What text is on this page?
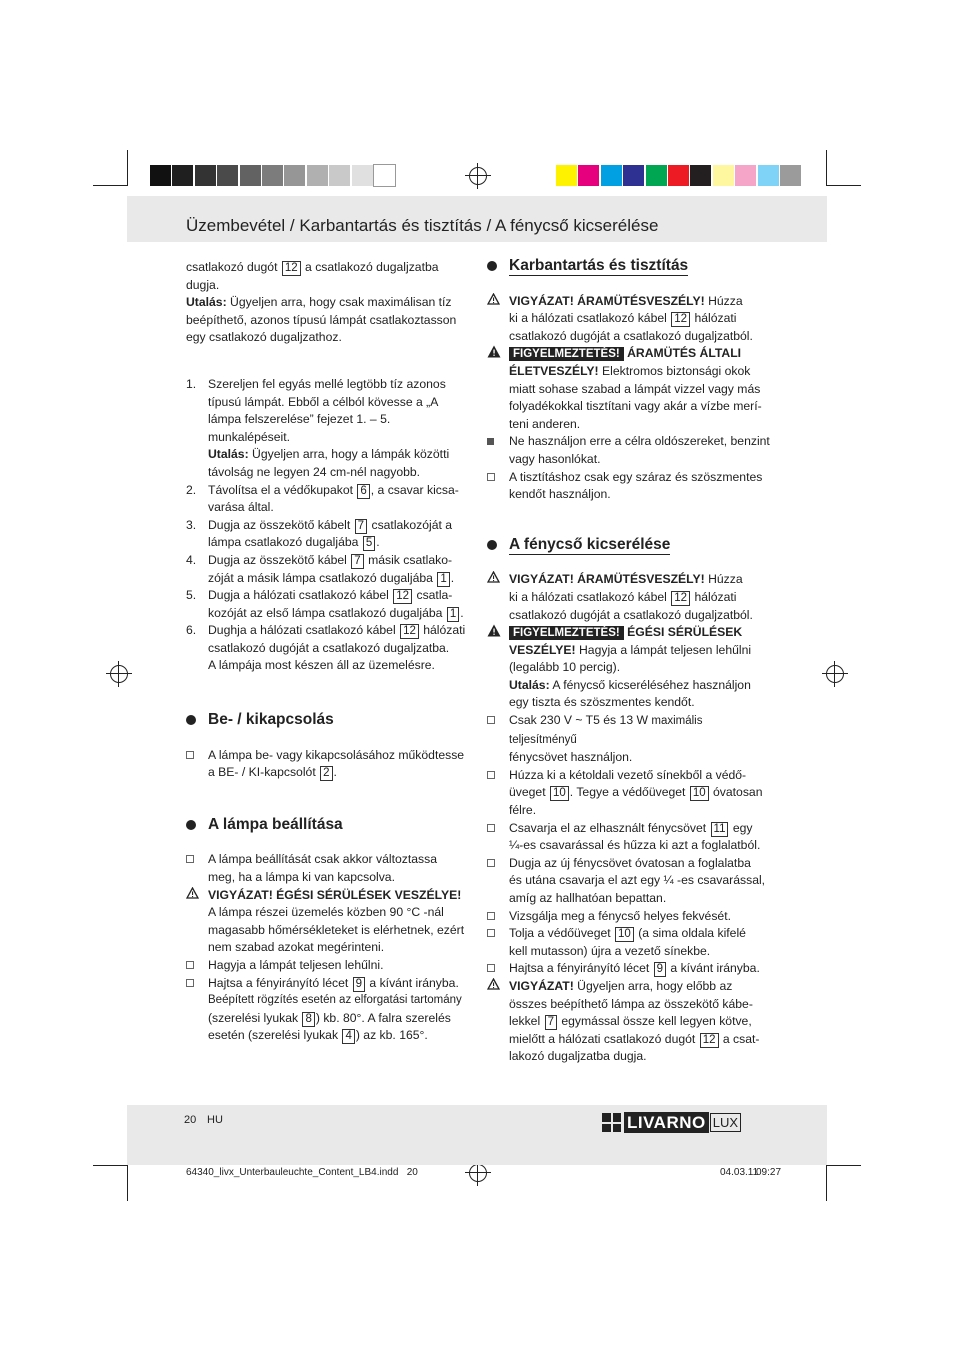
Üzembevétel / Karbantartás és tisztítás / A fénycső kicserélése

csatlakozó dugót 12 a csatlakozó dugaljzatba

dugja.

Utalás: Ügyeljen arra, hogy csak maximálisan tíz

beépíthető, azonos típusú lámpát csatlakoztasson

egy csatlakozó dugaljzathoz.

1. Szereljen fel egyás mellé legtöbb tíz azonos

típusú lámpát. Ebből a célból kövesse a „A

lámpa felszerelése” fejezet 1. – 5. munkalépéseit.

Utalás: Ügyeljen arra, hogy a lámpák közötti

távolság ne legyen 24 cm-nél nagyobb.

2. Távolítsa el a védőkupakot 6 , a csavar kicsa-

varása által.

3. Dugja az összekötő kábelt 7 csatlakozóját a

lámpa csatlakozó dugaljába 5 .

4. Dugja az összekötő kábel 7 másik csatlako-

zóját a másik lámpa csatlakozó dugaljába 1 .

5. Dugja a hálózati csatlakozó kábel 12 csatla-

kozóját az első lámpa csatlakozó dugaljába 1 .

6. Dughja a hálózati csatlakozó kábel 12 hálózati

csatlakozó dugóját a csatlakozó dugaljzatba.

A lámpája most készen áll az üzemelésre.

Be- / kikapcsolás

A lámpa be- vagy kikapcsolásához működtesse

a BE- / KI-kapcsolót 2 .

A lámpa beállítása

A lámpa beállítását csak akkor változtassa

meg, ha a lámpa ki van kapcsolva.

VIGYÁZAT! ÉGÉSI SÉRÜLÉSEK VESZÉLYE!

A lámpa részei üzemelés közben 90 °C -nál

magasabb hőmérsékleteket is elérhetnek, ezért

nem szabad azokat megérinteni.

Hagyja a lámpát teljesen lehűlni.

Hajtsa a fényirányító lécet 9 a kívánt irányba.

Beépített rögzítés esetén az elforgatási tartomány

(szerelési lyukak 8 ) kb. 80°. A falra szerelés

esetén (szerelési lyukak 4 ) az kb. 165°.

Karbantartás és tisztítás

VIGYÁZAT! ÁRAMÜTÉSVESZÉLY! Húzza

ki a hálózati csatlakozó kábel 12 hálózati

csatlakozó dugóját a csatlakozó dugaljzatból.

FIGYELMEZTETÉS! ÁRAMÜTÉS ÁLTALI

ÉLETVESZÉLY! Elektromos biztonsági okok

miatt sohase szabad a lámpát vizzel vagy más

folyadékokkal tisztítani vagy akár a vízbe merí-

teni anderen.

Ne használjon erre a célra oldószereket, benzint

vagy hasonlókat.

A tisztításhoz csak egy száraz és szöszmentes

kendőt használjon.

A fénycső kicserélése

VIGYÁZAT! ÁRAMÜTÉSVESZÉLY! Húzza

ki a hálózati csatlakozó kábel 12 hálózati

csatlakozó dugóját a csatlakozó dugaljzatból.

FIGYELMEZTETÉS! ÉGÉSI SÉRÜLÉSEK

VESZÉLYE! Hagyja a lámpát teljesen lehűlni

(legalább 10 percig).

Utalás: A fénycső kicseréléséhez használjon

egy tiszta és szöszmentes kendőt.

Csak 230 V ~ T5 és 13 W maximális teljesítményű

fénycsövet használjon.

Húzza ki a kétoldali vezető sínekből a védő-

üveget 10 . Tegye a védőüveget 10 óvatosan

félre.

Csavarja el az elhasznált fénycsövet 11 egy

¼-es csavarással és hűzza ki azt a foglalatból.

Dugja az új fénycsövet óvatosan a foglalatba

és utána csavarja el azt egy ¼ -es csavarással,

amíg az hallhatóan bepattan.

Vizsgálja meg a fénycső helyes fekvését.

Tolja a védőüveget 10 (a sima oldala kifelé

kell mutasson) újra a vezető sínekbe.

Hajtsa a fényirányító lécet 9 a kívánt irányba.

VIGYÁZAT! Ügyeljen arra, hogy előbb az

összes beépíthető lámpa az összekötő kábe-

lekkel 7 egymással össze kell legyen kötve,

mielőtt a hálózati csatlakozó dugót 12 a csat-

lakozó dugaljzatba dugja.

20 HU	LIVARNO LUX
64340_livx_Unterbauleuchte_Content_LB4.indd   20	04.03.11
09:27
